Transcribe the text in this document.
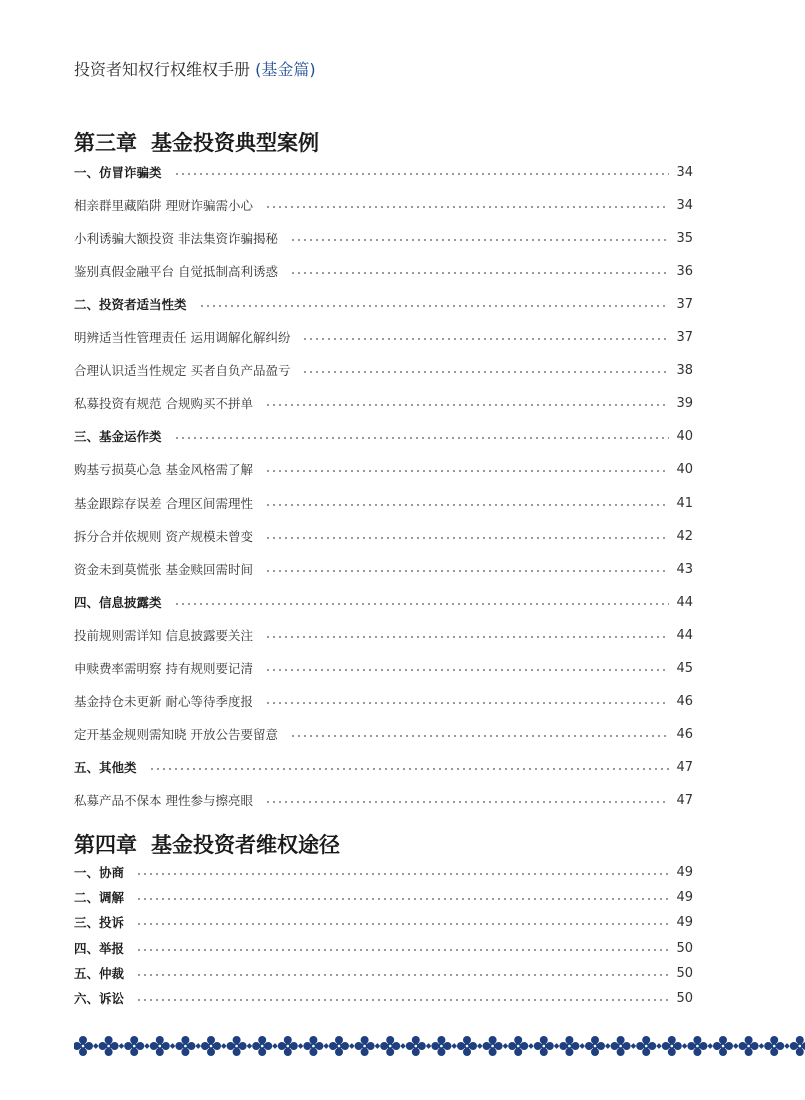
投资者知权行权维权手册 (基金篇)
第三章 基金投资典型案例
一、仿冒诈骗类	34
相亲群里藏陷阱 理财诈骗需小心	34
小利诱骗大额投资 非法集资诈骗揭秘	35
鉴别真假金融平台 自觉抵制高利诱惑	36
二、投资者适当性类	37
明辨适当性管理责任 运用调解化解纠纷	37
合理认识适当性规定 买者自负产品盈亏	38
私募投资有规范 合规购买不拼单	39
三、基金运作类	40
购基亏损莫心急 基金风格需了解	40
基金跟踪存误差 合理区间需理性	41
拆分合并依规则 资产规模未曾变	42
资金未到莫慌张 基金赎回需时间	43
四、信息披露类	44
投前规则需详知 信息披露要关注	44
申赎费率需明察 持有规则要记清	45
基金持仓未更新 耐心等待季度报	46
定开基金规则需知晓 开放公告要留意	46
五、其他类	47
私募产品不保本 理性参与擦亮眼	47
第四章 基金投资者维权途径
一、协商	49
二、调解	49
三、投诉	49
四、举报	50
五、仲裁	50
六、诉讼	50
